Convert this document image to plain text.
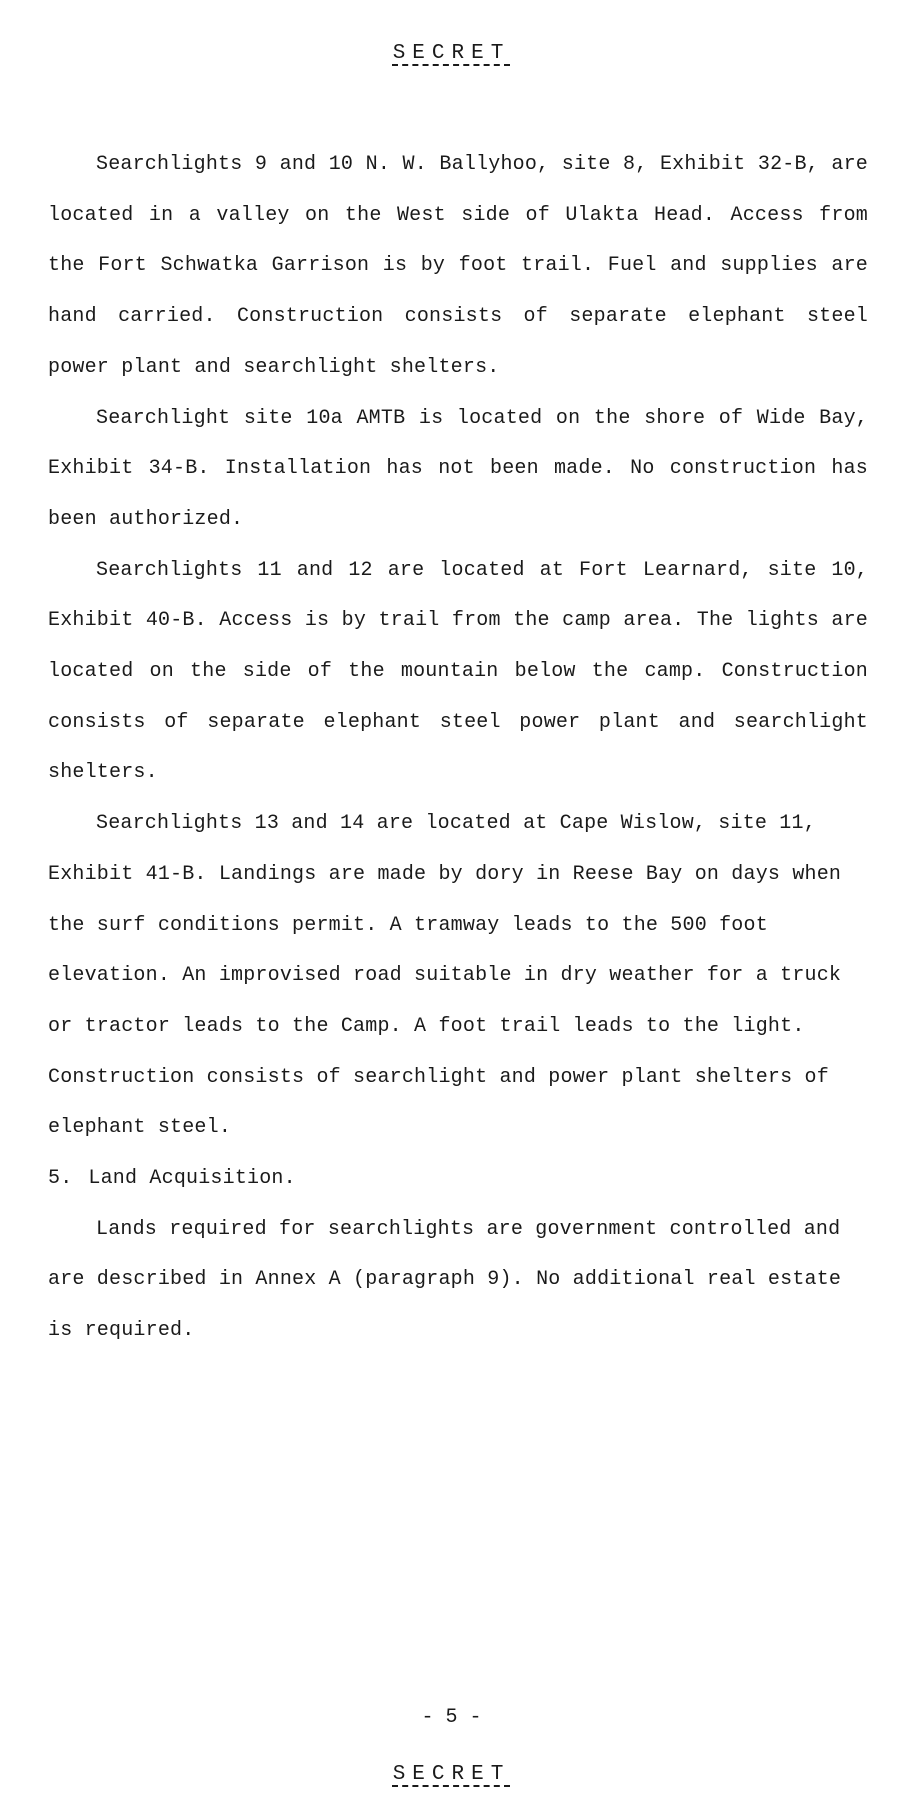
SECRET

Searchlights 9 and 10 N. W. Ballyhoo, site 8, Exhibit 32-B, are located in a valley on the West side of Ulakta Head. Access from the Fort Schwatka Garrison is by foot trail. Fuel and supplies are hand carried. Construction consists of separate elephant steel power plant and searchlight shelters.

Searchlight site 10a AMTB is located on the shore of Wide Bay, Exhibit 34-B. Installation has not been made. No construction has been authorized.

Searchlights 11 and 12 are located at Fort Learnard, site 10, Exhibit 40-B. Access is by trail from the camp area. The lights are located on the side of the mountain below the camp. Construction consists of separate elephant steel power plant and searchlight shelters.

Searchlights 13 and 14 are located at Cape Wislow, site 11, Exhibit 41-B. Landings are made by dory in Reese Bay on days when the surf conditions permit. A tramway leads to the 500 foot elevation. An improvised road suitable in dry weather for a truck or tractor leads to the Camp. A foot trail leads to the light. Construction consists of searchlight and power plant shelters of elephant steel.

5. Land Acquisition.

Lands required for searchlights are government controlled and are described in Annex A (paragraph 9). No additional real estate is required.

- 5 -
SECRET
